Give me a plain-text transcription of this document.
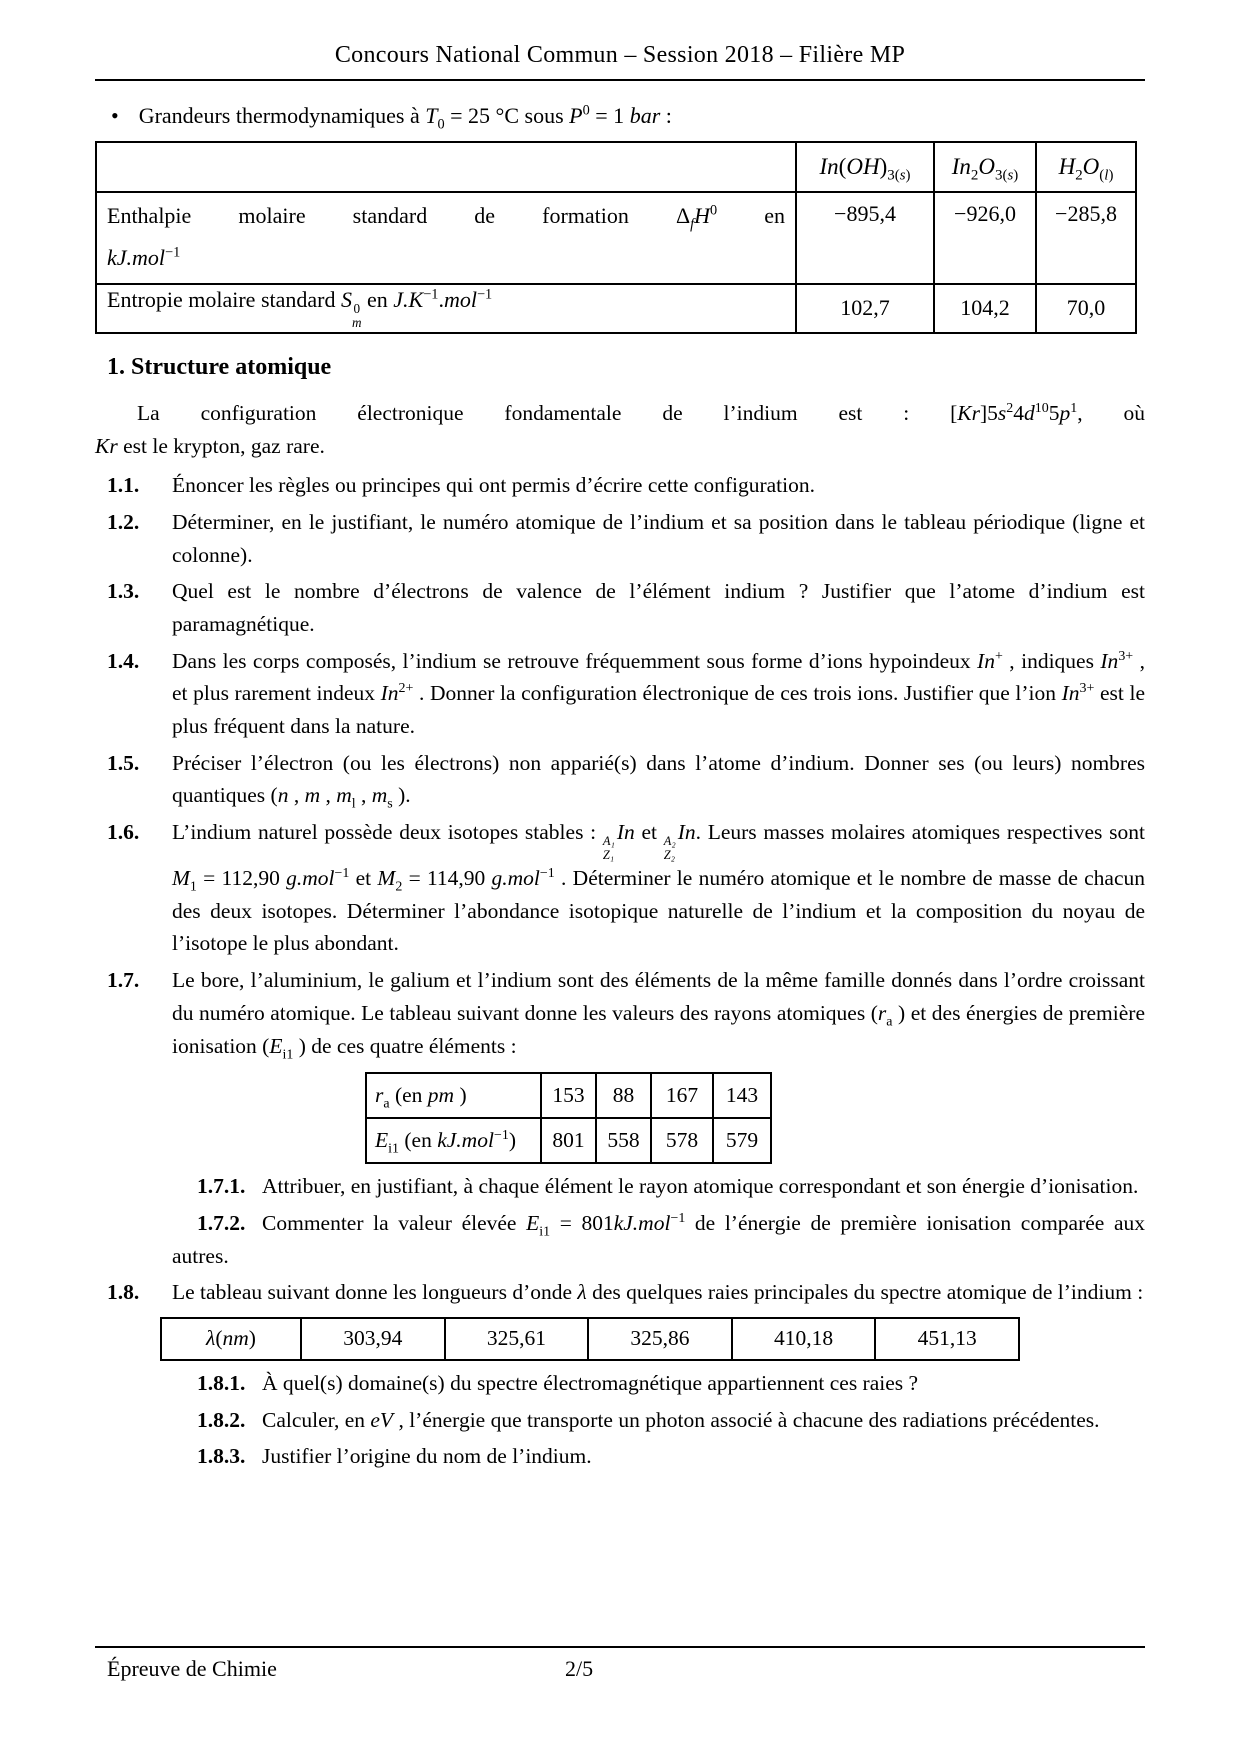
Concours National Commun – Session 2018 – Filière MP
• Grandeurs thermodynamiques à $T_0 = 25$ °C sous $P^0 = 1$ bar :
	$In(OH)_{3(s)}$	$In_2O_{3(s)}$	$H_2O_{(l)}$

Enthalpie molaire standard de formation $\Delta_fH^0$ en
kJ.mol$^{-1}$	−895,4	−926,0	−285,8
Entropie molaire standard S 0
m
en $J.K^{-1}.mol^{-1}$	102,7	104,2	70,0
1. Structure atomique
La configuration électronique fondamentale de l’indium est : $[Kr]5s^24d^{10}5p^1$, où
Kr est le krypton, gaz rare.
1.1. Énoncer les règles ou principes qui ont permis d’écrire cette configuration.
1.2. Déterminer, en le justifiant, le numéro atomique de l’indium et sa position dans le tableau périodique (ligne et colonne).
1.3. Quel est le nombre d’électrons de valence de l’élément indium ? Justifier que l’atome d’indium est paramagnétique.
1.4. Dans les corps composés, l’indium se retrouve fréquemment sous forme d’ions hypoindeux In+ , indiques $In^{3+}$ , et plus rarement indeux $In^{2+}$ . Donner la configuration électronique de ces trois ions. Justifier que l’ion $In^{3+}$ est le plus fréquent dans la nature.
1.5. Préciser l’électron (ou les électrons) non apparié(s) dans l’atome d’indium. Donner ses (ou leurs) nombres quantiques (n , m , $m_l$ , $m_s$ ).
1.6. L’indium naturel possède deux isotopes stables : A₁
Z₁
In et A₂
Z₂
In. Leurs masses molaires atomiques respectives sont $M_1 = 112,90$ g.mol$^{-1}$ et $M_2 = 114,90$ g.mol$^{-1}$ . Déterminer le numéro atomique et le nombre de masse de chacun des deux isotopes. Déterminer l’abondance isotopique naturelle de l’indium et la composition du noyau de l’isotope le plus abondant.
1.7. Le bore, l’aluminium, le galium et l’indium sont des éléments de la même famille donnés dans l’ordre croissant du numéro atomique. Le tableau suivant donne les valeurs des rayons atomiques ($r_a$ ) et des énergies de première ionisation ($E_{i1}$ ) de ces quatre éléments :
$r_a$ (en pm )	153	88	167	143
$E_{i1}$ (en kJ.mol$^{-1}$)	801	558	578	579
1.7.1. Attribuer, en justifiant, à chaque élément le rayon atomique correspondant et son énergie d’ionisation.
1.7.2. Commenter la valeur élevée $E_{i1} = 801kJ.mol^{-1}$ de l’énergie de première ionisation comparée aux autres.
1.8. Le tableau suivant donne les longueurs d’onde λ des quelques raies principales du spectre atomique de l’indium :
λ(nm)	303,94	325,61	325,86	410,18	451,13
1.8.1. À quel(s) domaine(s) du spectre électromagnétique appartiennent ces raies ?
1.8.2. Calculer, en eV , l’énergie que transporte un photon associé à chacune des radiations précédentes.
1.8.3. Justifier l’origine du nom de l’indium.
Épreuve de Chimie	2/5
